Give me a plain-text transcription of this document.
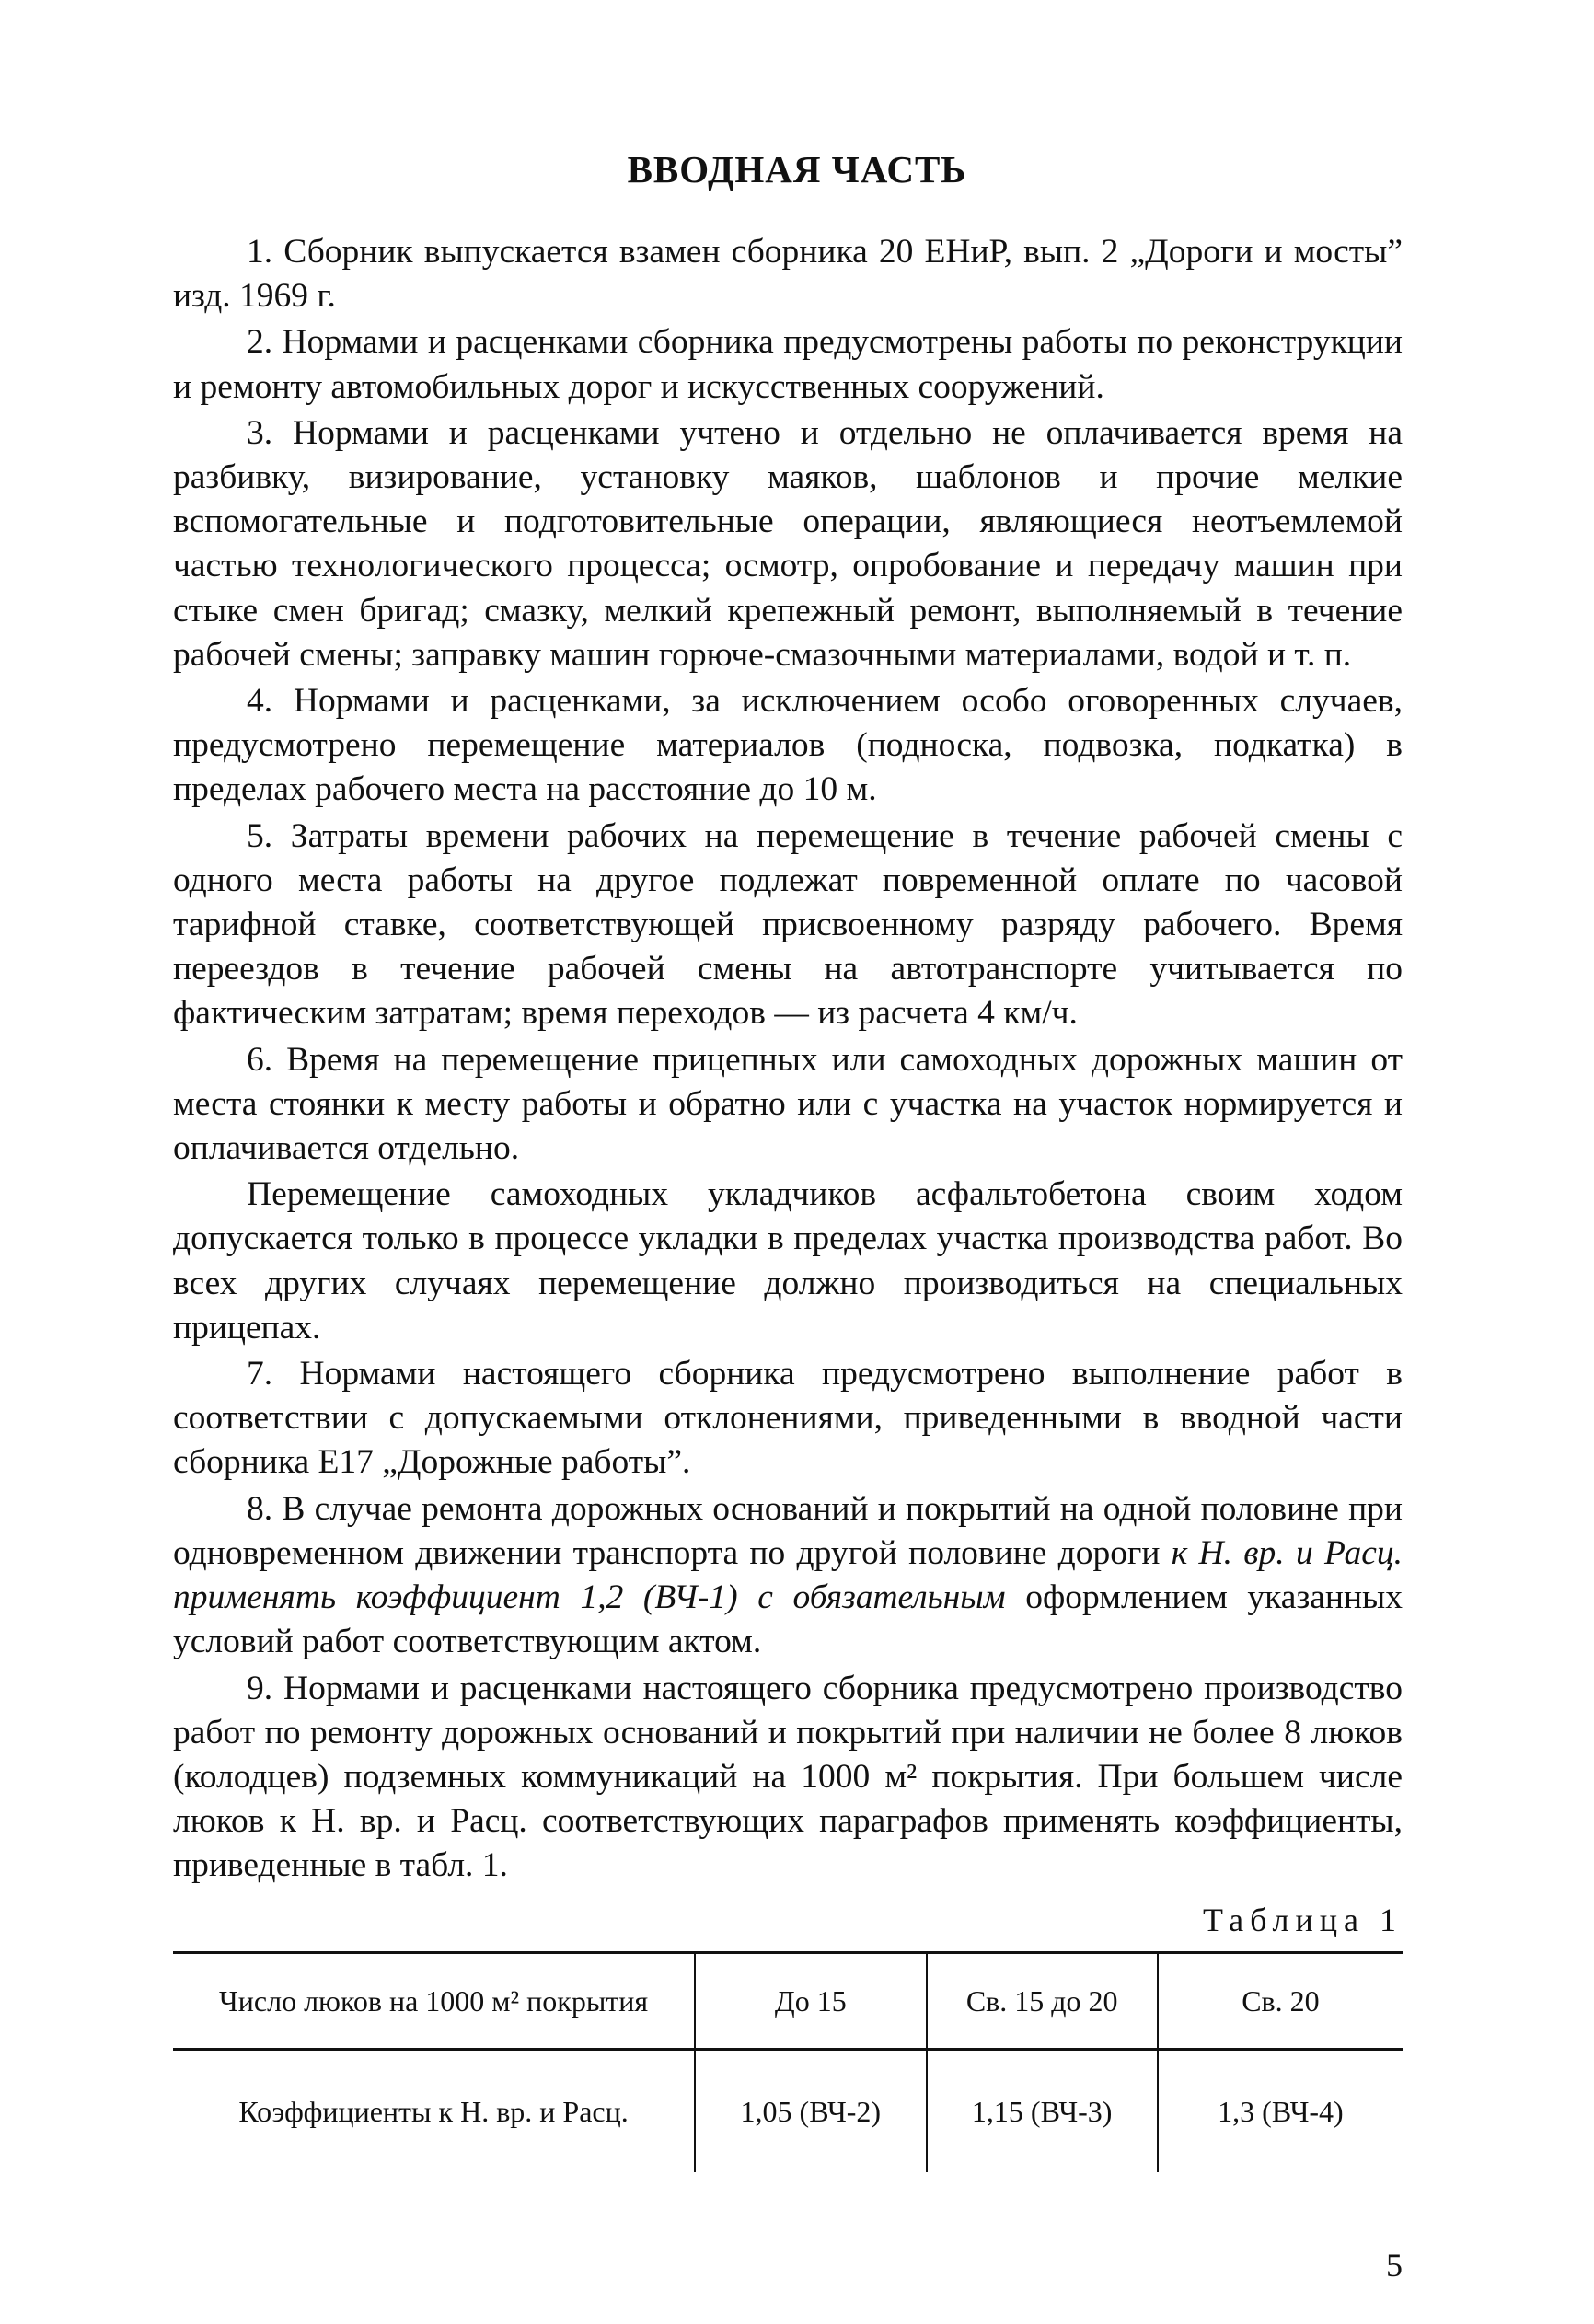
ВВОДНАЯ ЧАСТЬ

1. Сборник выпускается взамен сборника 20 ЕНиР, вып. 2 „Дороги и мосты” изд. 1969 г.

2. Нормами и расценками сборника предусмотрены работы по реконструкции и ремонту автомобильных дорог и искусственных сооружений.

3. Нормами и расценками учтено и отдельно не оплачивается время на разбивку, визирование, установку маяков, шаблонов и прочие мелкие вспомогательные и подготовительные операции, являющиеся неотъемлемой частью технологического процесса; осмотр, опробование и передачу машин при стыке смен бригад; смазку, мелкий крепежный ремонт, выполняемый в течение рабочей смены; заправку машин горюче-смазочными материалами, водой и т. п.

4. Нормами и расценками, за исключением особо оговоренных случаев, предусмотрено перемещение материалов (подноска, подвозка, подкатка) в пределах рабочего места на расстояние до 10 м.

5. Затраты времени рабочих на перемещение в течение рабочей смены с одного места работы на другое подлежат повременной оплате по часовой тарифной ставке, соответствующей присвоенному разряду рабочего. Время переездов в течение рабочей смены на автотранспорте учитывается по фактическим затратам; время переходов — из расчета 4 км/ч.

6. Время на перемещение прицепных или самоходных дорожных машин от места стоянки к месту работы и обратно или с участка на участок нормируется и оплачивается отдельно.

Перемещение самоходных укладчиков асфальтобетона своим ходом допускается только в процессе укладки в пределах участка производства работ. Во всех других случаях перемещение должно производиться на специальных прицепах.

7. Нормами настоящего сборника предусмотрено выполнение работ в соответствии с допускаемыми отклонениями, приведенными в вводной части сборника Е17 „Дорожные работы”.

8. В случае ремонта дорожных оснований и покрытий на одной половине при одновременном движении транспорта по другой половине дороги к Н. вр. и Расц. применять коэффициент 1,2 (ВЧ-1) с обязательным оформлением указанных условий работ соответствующим актом.

9. Нормами и расценками настоящего сборника предусмотрено производство работ по ремонту дорожных оснований и покрытий при наличии не более 8 люков (колодцев) подземных коммуникаций на 1000 м² покрытия. При большем числе люков к Н. вр. и Расц. соответствующих параграфов применять коэффициенты, приведенные в табл. 1.

Таблица 1
Число люков на 1000 м² покрытия	До 15	Св. 15 до 20	Св. 20
Коэффициенты к Н. вр. и Расц.	1,05 (ВЧ-2)	1,15 (ВЧ-3)	1,3 (ВЧ-4)
5
